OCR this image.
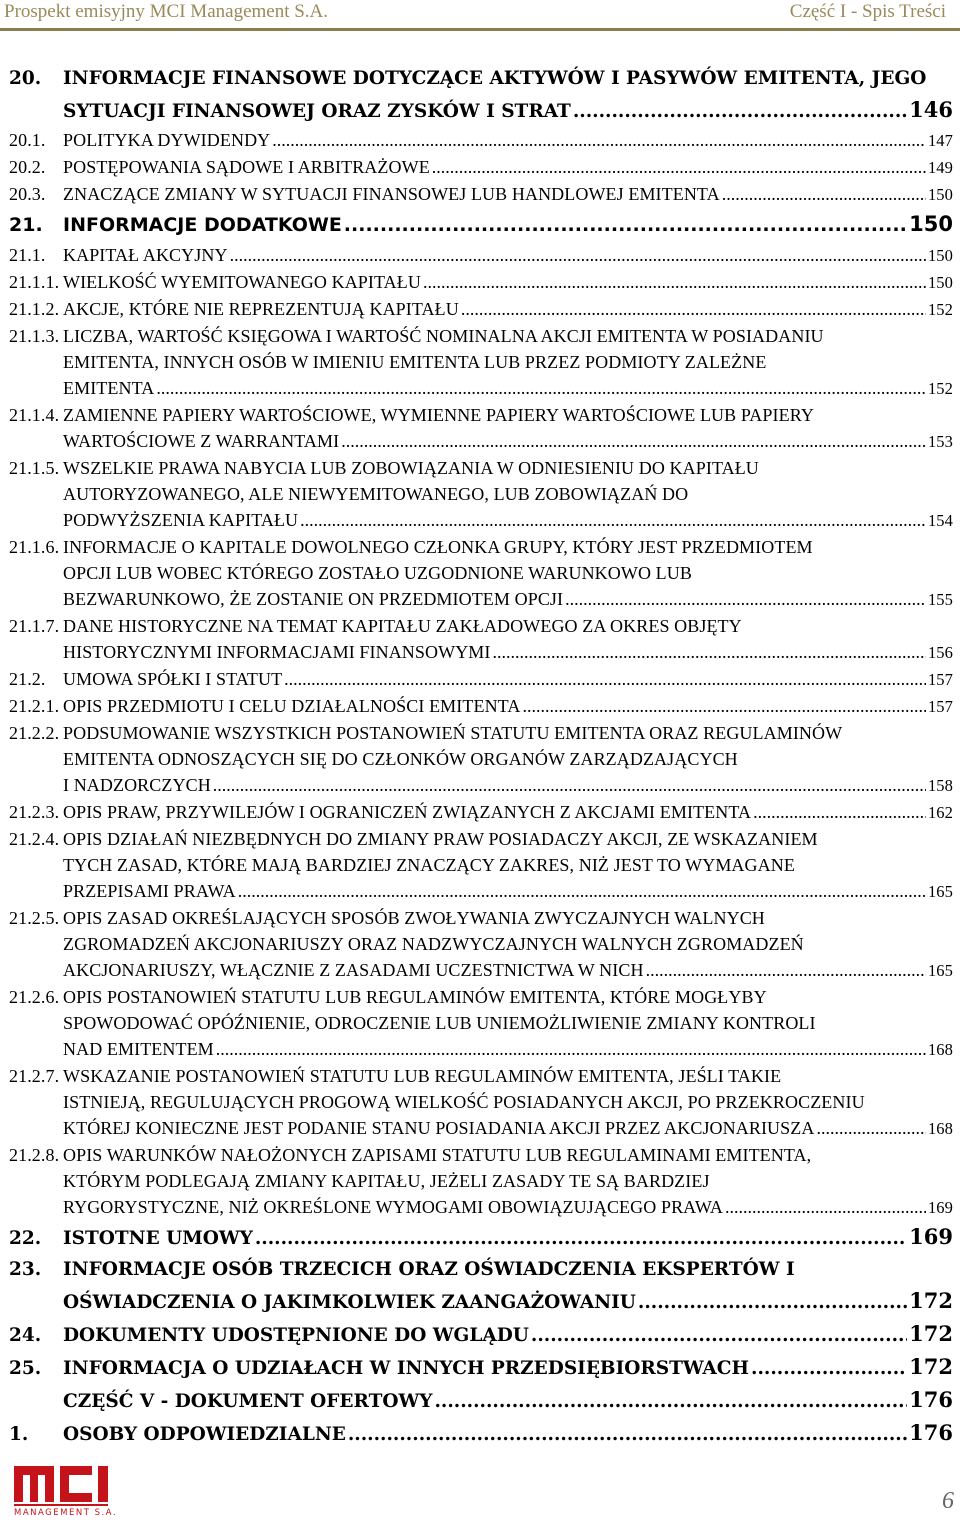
Prospekt emisyjny MCI Management S.A.	Część I - Spis Treści
20.	INFORMACJE FINANSOWE DOTYCZĄCE AKTYWÓW I PASYWÓW EMITENTA, JEGO
SYTUACJI FINANSOWEJ ORAZ ZYSKÓW I STRAT .....	146
20.1. POLITYKA DYWIDENDY .....	147
20.2. POSTĘPOWANIA SĄDOWE I ARBITRAŻOWE .....	149
20.3. ZNACZĄCE ZMIANY W SYTUACJI FINANSOWEJ LUB HANDLOWEJ EMITENTA .....	150
21.	INFORMACJE DODATKOWE .....	150
21.1. KAPITAŁ AKCYJNY .....	150
21.1.1. WIELKOŚĆ WYEMITOWANEGO KAPITAŁU .....	150
21.1.2. AKCJE, KTÓRE NIE REPREZENTUJĄ KAPITAŁU .....	152
21.1.3. LICZBA, WARTOŚĆ KSIĘGOWA I WARTOŚĆ NOMINALNA AKCJI EMITENTA W POSIADANIU
EMITENTA, INNYCH OSÓB W IMIENIU EMITENTA LUB PRZEZ PODMIOTY ZALEŻNE
EMITENTA .....	152
21.1.4. ZAMIENNE PAPIERY WARTOŚCIOWE, WYMIENNE PAPIERY WARTOŚCIOWE LUB PAPIERY
WARTOŚCIOWE Z WARRANTAMI .....	153
21.1.5. WSZELKIE PRAWA NABYCIA LUB ZOBOWIĄZANIA W ODNIESIENIU DO KAPITAŁU
AUTORYZOWANEGO, ALE NIEWYEMITOWANEGO, LUB ZOBOWIĄZAŃ DO
PODWYŻSZENIA KAPITAŁU .....	154
21.1.6. INFORMACJE O KAPITALE DOWOLNEGO CZŁONKA GRUPY, KTÓRY JEST PRZEDMIOTEM
OPCJI LUB WOBEC KTÓREGO ZOSTAŁO UZGODNIONE WARUNKOWO LUB
BEZWARUNKOWO, ŻE ZOSTANIE ON PRZEDMIOTEM OPCJI .....	155
21.1.7. DANE HISTORYCZNE NA TEMAT KAPITAŁU ZAKŁADOWEGO ZA OKRES OBJĘTY
HISTORYCZNYMI INFORMACJAMI FINANSOWYMI .....	156
21.2. UMOWA SPÓŁKI I STATUT .....	157
21.2.1. OPIS PRZEDMIOTU I CELU DZIAŁALNOŚCI EMITENTA .....	157
21.2.2. PODSUMOWANIE WSZYSTKICH POSTANOWIEŃ STATUTU EMITENTA ORAZ REGULAMINÓW
EMITENTA ODNOSZĄCYCH SIĘ DO CZŁONKÓW ORGANÓW ZARZĄDZAJĄCYCH
I NADZORCZYCH .....	158
21.2.3. OPIS PRAW, PRZYWILEJÓW I OGRANICZEŃ ZWIĄZANYCH Z AKCJAMI EMITENTA .....	162
21.2.4. OPIS DZIAŁAŃ NIEZBĘDNYCH DO ZMIANY PRAW POSIADACZY AKCJI, ZE WSKAZANIEM
TYCH ZASAD, KTÓRE MAJĄ BARDZIEJ ZNACZĄCY ZAKRES, NIŻ JEST TO WYMAGANE
PRZEPISAMI PRAWA .....	165
21.2.5. OPIS ZASAD OKREŚLAJĄCYCH SPOSÓB ZWOŁYWANIA ZWYCZAJNYCH WALNYCH
ZGROMADZEŃ AKCJONARIUSZY ORAZ NADZWYCZAJNYCH WALNYCH ZGROMADZEŃ
AKCJONARIUSZY, WŁĄCZNIE Z ZASADAMI UCZESTNICTWA W NICH .....	165
21.2.6. OPIS POSTANOWIEŃ STATUTU LUB REGULAMINÓW EMITENTA, KTÓRE MOGŁYBY
SPOWODOWAĆ OPÓŹNIENIE, ODROCZENIE LUB UNIEMOŻLIWIENIE ZMIANY KONTROLI
NAD EMITENTEM .....	168
21.2.7. WSKAZANIE POSTANOWIEŃ STATUTU LUB REGULAMINÓW EMITENTA, JEŚLI TAKIE
ISTNIEJĄ, REGULUJĄCYCH PROGOWĄ WIELKOŚĆ POSIADANYCH AKCJI, PO PRZEKROCZENIU
KTÓREJ KONIECZNE JEST PODANIE STANU POSIADANIA AKCJI PRZEZ AKCJONARIUSZA .....	168
21.2.8. OPIS WARUNKÓW NAŁOŻONYCH ZAPISAMI STATUTU LUB REGULAMINAMI EMITENTA,
KTÓRYM PODLEGAJĄ ZMIANY KAPITAŁU, JEŻELI ZASADY TE SĄ BARDZIEJ
RYGORYSTYCZNE, NIŻ OKREŚLONE WYMOGAMI OBOWIĄZUJĄCEGO PRAWA .....	169
22.	ISTOTNE UMOWY .....	169
23.	INFORMACJE OSÓB TRZECICH ORAZ OŚWIADCZENIA EKSPERTÓW I
OŚWIADCZENIA O JAKIMKOLWIEK ZAANGAŻOWANIU .....	172
24.	DOKUMENTY UDOSTĘPNIONE DO WGLĄDU .....	172
25.	INFORMACJA O UDZIAŁACH W INNYCH PRZEDSIĘBIORSTWACH .....	172
CZĘŚĆ V - DOKUMENT OFERTOWY .....	176
1.	OSOBY ODPOWIEDZIALNE .....	176
MANAGEMENT S.A.	6
